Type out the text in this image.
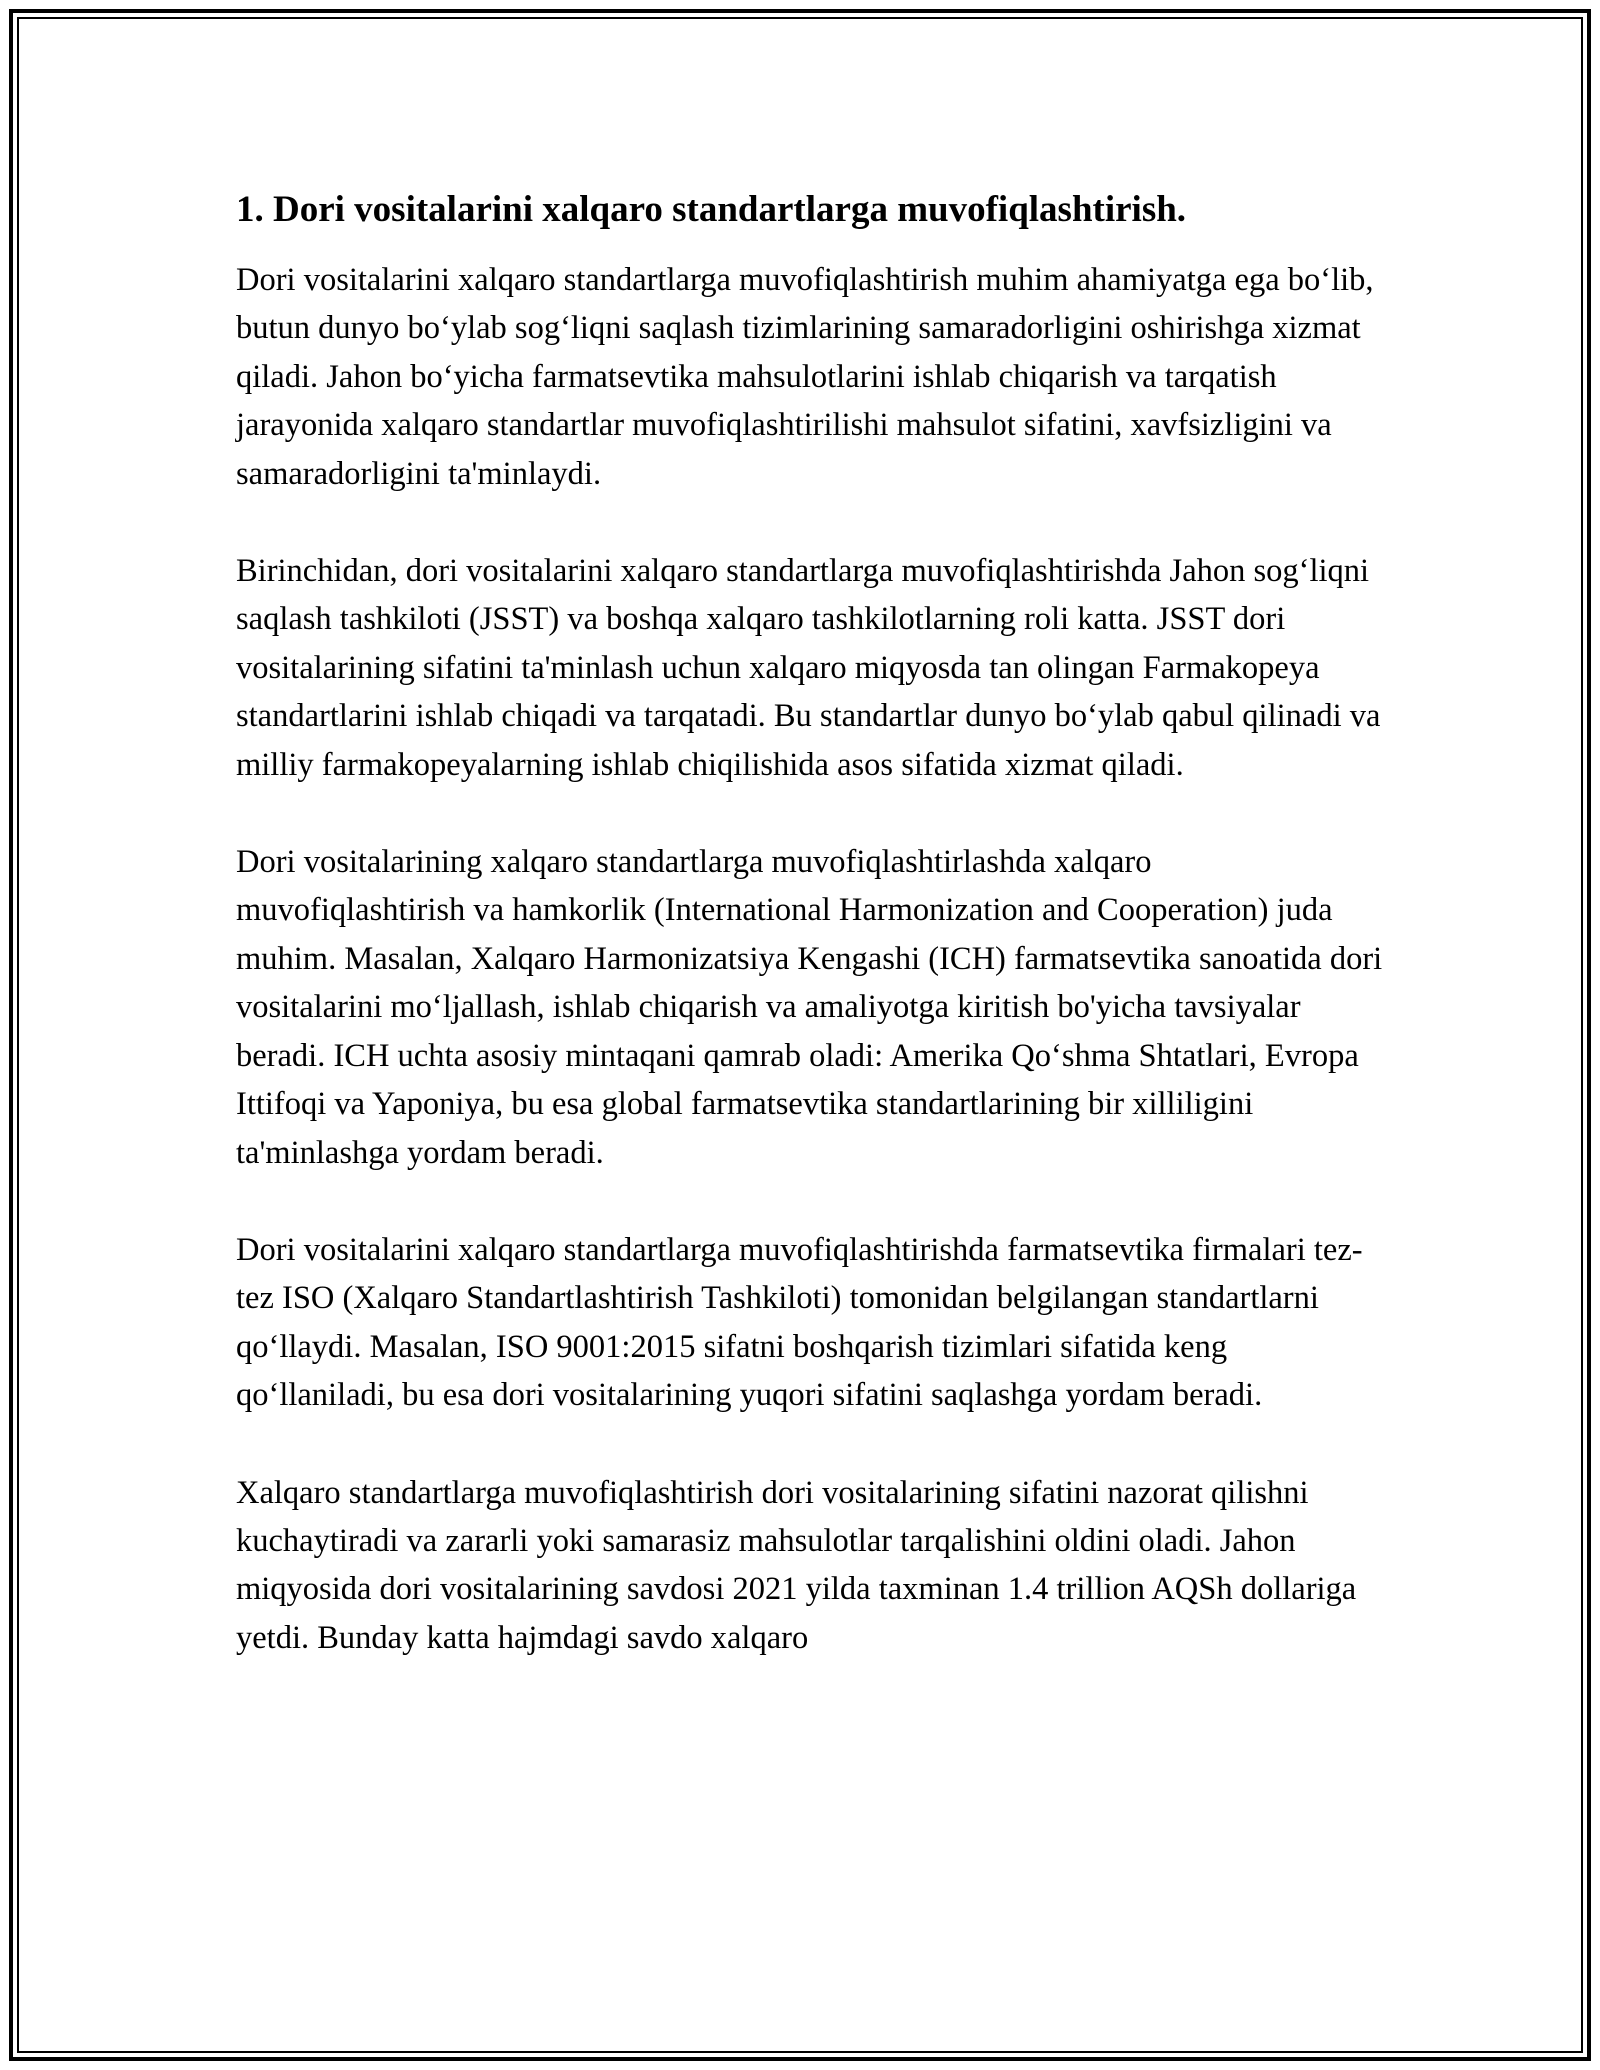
1. Dori vositalarini xalqaro standartlarga muvofiqlashtirish.

Dori vositalarini xalqaro standartlarga muvofiqlashtirish muhim ahamiyatga ega bo‘lib, butun dunyo bo‘ylab sog‘liqni saqlash tizimlarining samaradorligini oshirishga xizmat qiladi. Jahon bo‘yicha farmatsevtika mahsulotlarini ishlab chiqarish va tarqatish jarayonida xalqaro standartlar muvofiqlashtirilishi mahsulot sifatini, xavfsizligini va samaradorligini ta'minlaydi.

Birinchidan, dori vositalarini xalqaro standartlarga muvofiqlashtirishda Jahon sog‘liqni saqlash tashkiloti (JSST) va boshqa xalqaro tashkilotlarning roli katta. JSST dori vositalarining sifatini ta'minlash uchun xalqaro miqyosda tan olingan Farmakopeya standartlarini ishlab chiqadi va tarqatadi. Bu standartlar dunyo bo‘ylab qabul qilinadi va milliy farmakopeyalarning ishlab chiqilishida asos sifatida xizmat qiladi.

Dori vositalarining xalqaro standartlarga muvofiqlashtirlashda xalqaro muvofiqlashtirish va hamkorlik (International Harmonization and Cooperation) juda muhim. Masalan, Xalqaro Harmonizatsiya Kengashi (ICH) farmatsevtika sanoatida dori vositalarini mo‘ljallash, ishlab chiqarish va amaliyotga kiritish bo'yicha tavsiyalar beradi. ICH uchta asosiy mintaqani qamrab oladi: Amerika Qo‘shma Shtatlari, Evropa Ittifoqi va Yaponiya, bu esa global farmatsevtika standartlarining bir xilliligini ta'minlashga yordam beradi.

Dori vositalarini xalqaro standartlarga muvofiqlashtirishda farmatsevtika firmalari tez-tez ISO (Xalqaro Standartlashtirish Tashkiloti) tomonidan belgilangan standartlarni qo‘llaydi. Masalan, ISO 9001:2015 sifatni boshqarish tizimlari sifatida keng qo‘llaniladi, bu esa dori vositalarining yuqori sifatini saqlashga yordam beradi.

Xalqaro standartlarga muvofiqlashtirish dori vositalarining sifatini nazorat qilishni kuchaytiradi va zararli yoki samarasiz mahsulotlar tarqalishini oldini oladi. Jahon miqyosida dori vositalarining savdosi 2021 yilda taxminan 1.4 trillion AQSh dollariga yetdi. Bunday katta hajmdagi savdo xalqaro
